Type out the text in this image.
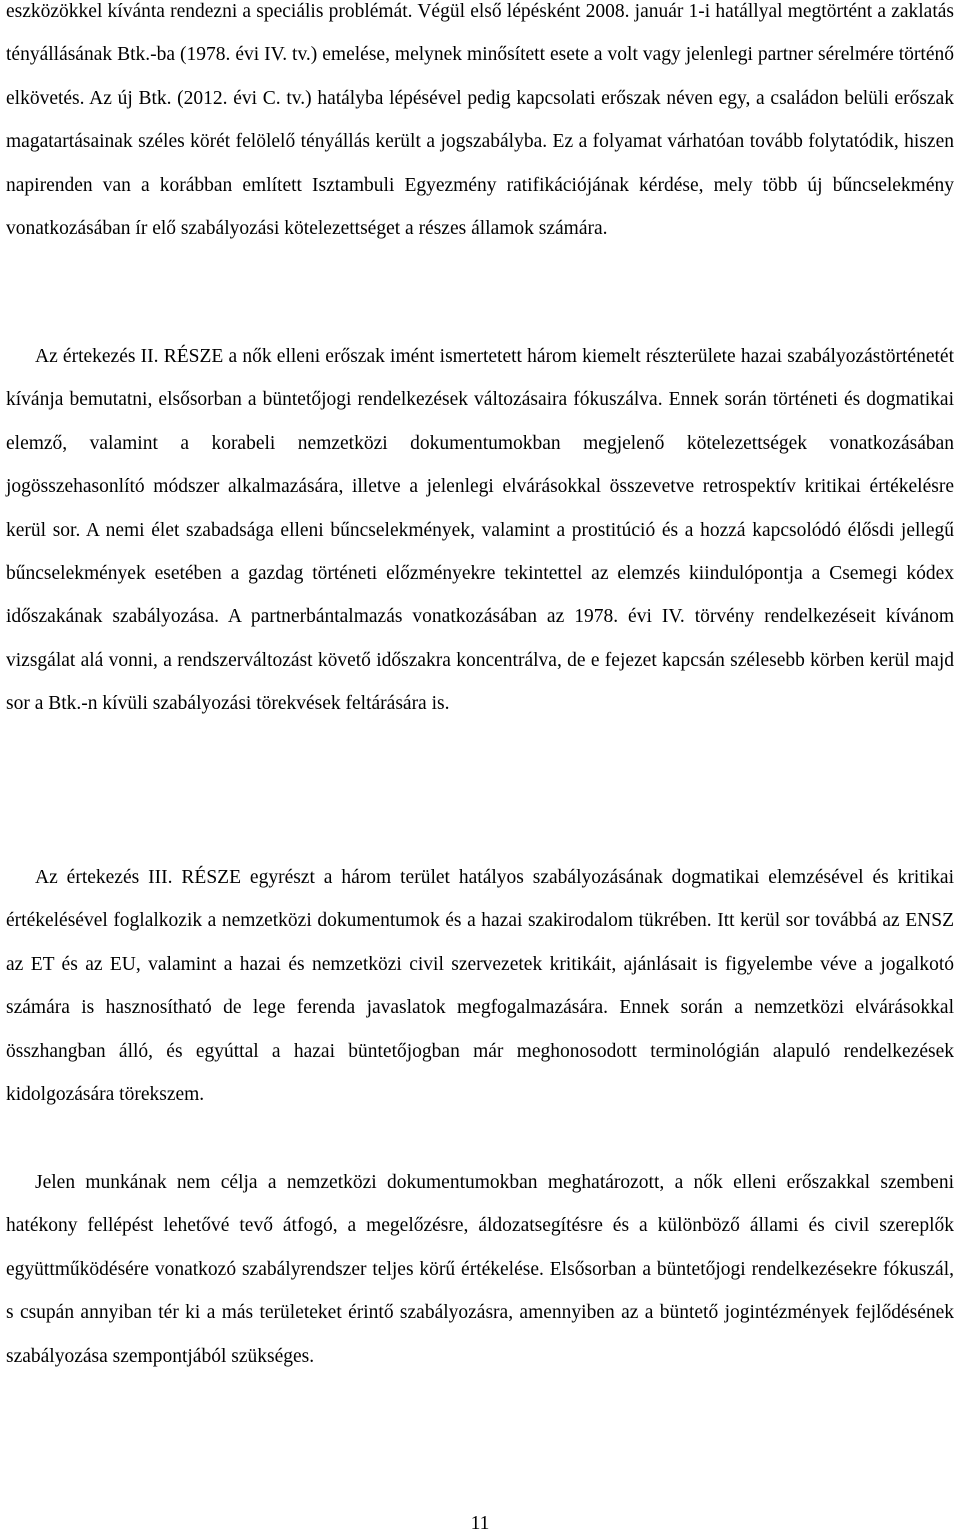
eszközökkel kívánta rendezni a speciális problémát. Végül első lépésként 2008. január 1-i hatállyal megtörtént a zaklatás tényállásának Btk.-ba (1978. évi IV. tv.) emelése, melynek minősített esete a volt vagy jelenlegi partner sérelmére történő elkövetés. Az új Btk. (2012. évi C. tv.) hatályba lépésével pedig kapcsolati erőszak néven egy, a családon belüli erőszak magatartásainak széles körét felölelő tényállás került a jogszabályba. Ez a folyamat várhatóan tovább folytatódik, hiszen napirenden van a korábban említett Isztambuli Egyezmény ratifikációjának kérdése, mely több új bűncselekmény vonatkozásában ír elő szabályozási kötelezettséget a részes államok számára.

Az értekezés II. RÉSZE a nők elleni erőszak imént ismertetett három kiemelt részterülete hazai szabályozástörténetét kívánja bemutatni, elsősorban a büntetőjogi rendelkezések változásaira fókuszálva. Ennek során történeti és dogmatikai elemző, valamint a korabeli nemzetközi dokumentumokban megjelenő kötelezettségek vonatkozásában jogösszehasonlító módszer alkalmazására, illetve a jelenlegi elvárásokkal összevetve retrospektív kritikai értékelésre kerül sor. A nemi élet szabadsága elleni bűncselekmények, valamint a prostitúció és a hozzá kapcsolódó élősdi jellegű bűncselekmények esetében a gazdag történeti előzményekre tekintettel az elemzés kiindulópontja a Csemegi kódex időszakának szabályozása. A partnerbántalmazás vonatkozásában az 1978. évi IV. törvény rendelkezéseit kívánom vizsgálat alá vonni, a rendszerváltozást követő időszakra koncentrálva, de e fejezet kapcsán szélesebb körben kerül majd sor a Btk.-n kívüli szabályozási törekvések feltárására is.

Az értekezés III. RÉSZE egyrészt a három terület hatályos szabályozásának dogmatikai elemzésével és kritikai értékelésével foglalkozik a nemzetközi dokumentumok és a hazai szakirodalom tükrében. Itt kerül sor továbbá az ENSZ az ET és az EU, valamint a hazai és nemzetközi civil szervezetek kritikáit, ajánlásait is figyelembe véve a jogalkotó számára is hasznosítható de lege ferenda javaslatok megfogalmazására. Ennek során a nemzetközi elvárásokkal összhangban álló, és egyúttal a hazai büntetőjogban már meghonosodott terminológián alapuló rendelkezések kidolgozására törekszem.

Jelen munkának nem célja a nemzetközi dokumentumokban meghatározott, a nők elleni erőszakkal szembeni hatékony fellépést lehetővé tevő átfogó, a megelőzésre, áldozatsegítésre és a különböző állami és civil szereplők együttműködésére vonatkozó szabályrendszer teljes körű értékelése. Elsősorban a büntetőjogi rendelkezésekre fókuszál, s csupán annyiban tér ki a más területeket érintő szabályozásra, amennyiben az a büntető jogintézmények fejlődésének szabályozása szempontjából szükséges.

11
